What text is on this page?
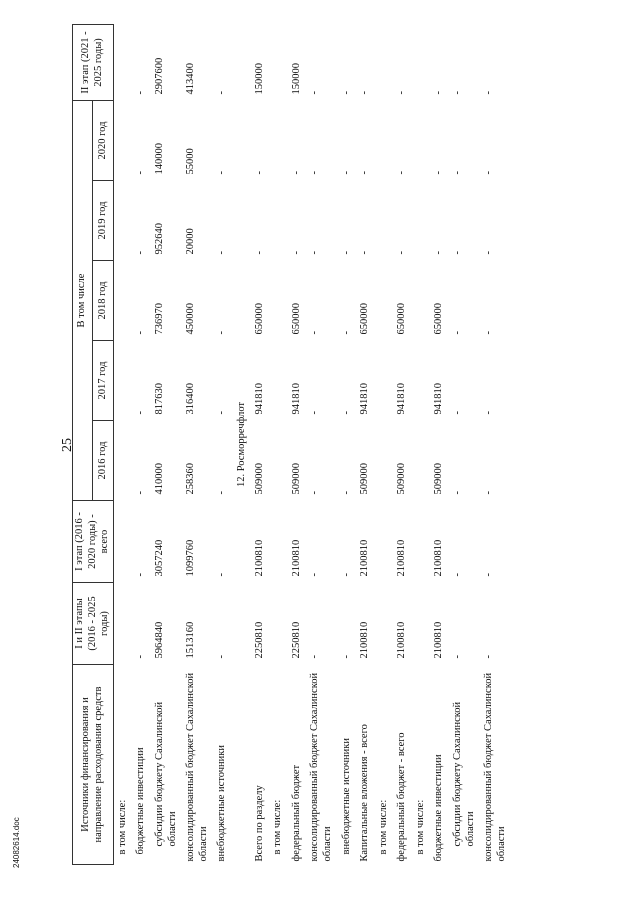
25
Источники финансирования и направление расходования средств	I и II этапы (2016 - 2025 годы)	I этап (2016 - 2020 годы) - всего	В том числе					II этап (2021 - 2025 годы)
			2016 год	2017 год	2018 год	2019 год	2020 год	
в том числе:								
бюджетные инвестиции	-	-	-	-	-	-	-	-
субсидии бюджету Сахалинской области	5964840	3057240	410000	817630	736970	952640	140000	2907600
консолидированный бюджет Сахалинской области	1513160	1099760	258360	316400	450000	20000	55000	413400
внебюджетные источники	-	-	-	-	-	-	-	-
12. Росморречфлот								
Всего по разделу	2250810	2100810	509000	941810	650000	-	-	150000
в том числе:								
федеральный бюджет	2250810	2100810	509000	941810	650000	-	-	150000
консолидированный бюджет Сахалинской области	-	-	-	-	-	-	-	-
внебюджетные источники	-	-	-	-	-	-	-	-
Капитальные вложения - всего	2100810	2100810	509000	941810	650000	-	-	-
в том числе:								
федеральный бюджет - всего	2100810	2100810	509000	941810	650000	-	-	-
в том числе:								
бюджетные инвестиции	2100810	2100810	509000	941810	650000	-	-	-
субсидии бюджету Сахалинской области	-	-	-	-	-	-	-	-
консолидированный бюджет Сахалинской области	-	-	-	-	-	-	-	-
24082614.doc
